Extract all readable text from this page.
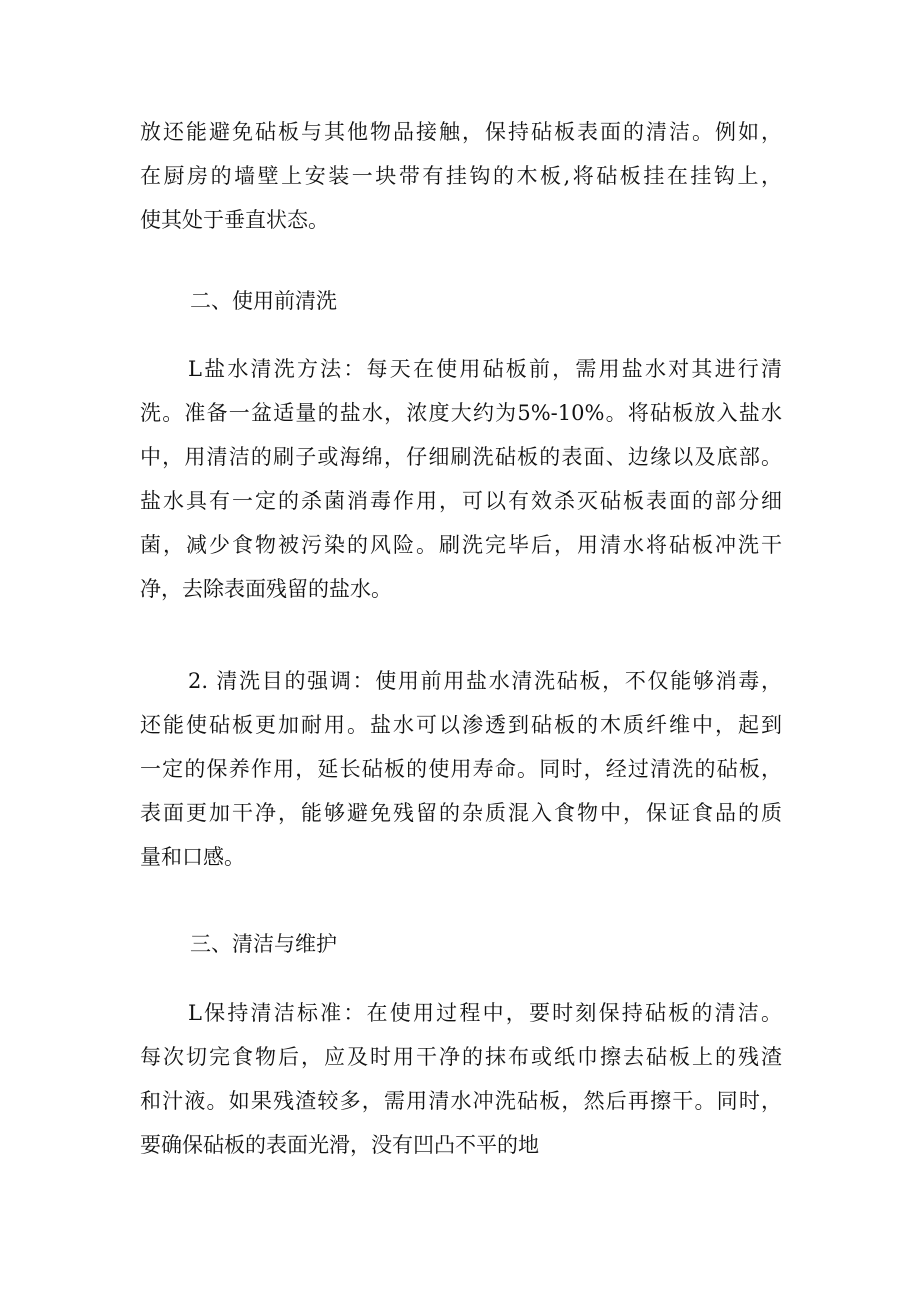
放还能避免砧板与其他物品接触，保持砧板表面的清洁。例如，
在厨房的墙壁上安装一块带有挂钩的木板,将砧板挂在挂钩上，
使其处于垂直状态。
二、使用前清洗
L盐水清洗方法：每天在使用砧板前，需用盐水对其进行清
洗。准备一盆适量的盐水，浓度大约为5%-10%。将砧板放入盐水
中，用清洁的刷子或海绵，仔细刷洗砧板的表面、边缘以及底部。
盐水具有一定的杀菌消毒作用，可以有效杀灭砧板表面的部分细
菌，减少食物被污染的风险。刷洗完毕后，用清水将砧板冲洗干
净，去除表面残留的盐水。
2. 清洗目的强调：使用前用盐水清洗砧板，不仅能够消毒，
还能使砧板更加耐用。盐水可以渗透到砧板的木质纤维中，起到
一定的保养作用，延长砧板的使用寿命。同时，经过清洗的砧板，
表面更加干净，能够避免残留的杂质混入食物中，保证食品的质
量和口感。
三、清洁与维护
L保持清洁标准：在使用过程中，要时刻保持砧板的清洁。
每次切完食物后，应及时用干净的抹布或纸巾擦去砧板上的残渣
和汁液。如果残渣较多，需用清水冲洗砧板，然后再擦干。同时，
要确保砧板的表面光滑，没有凹凸不平的地
